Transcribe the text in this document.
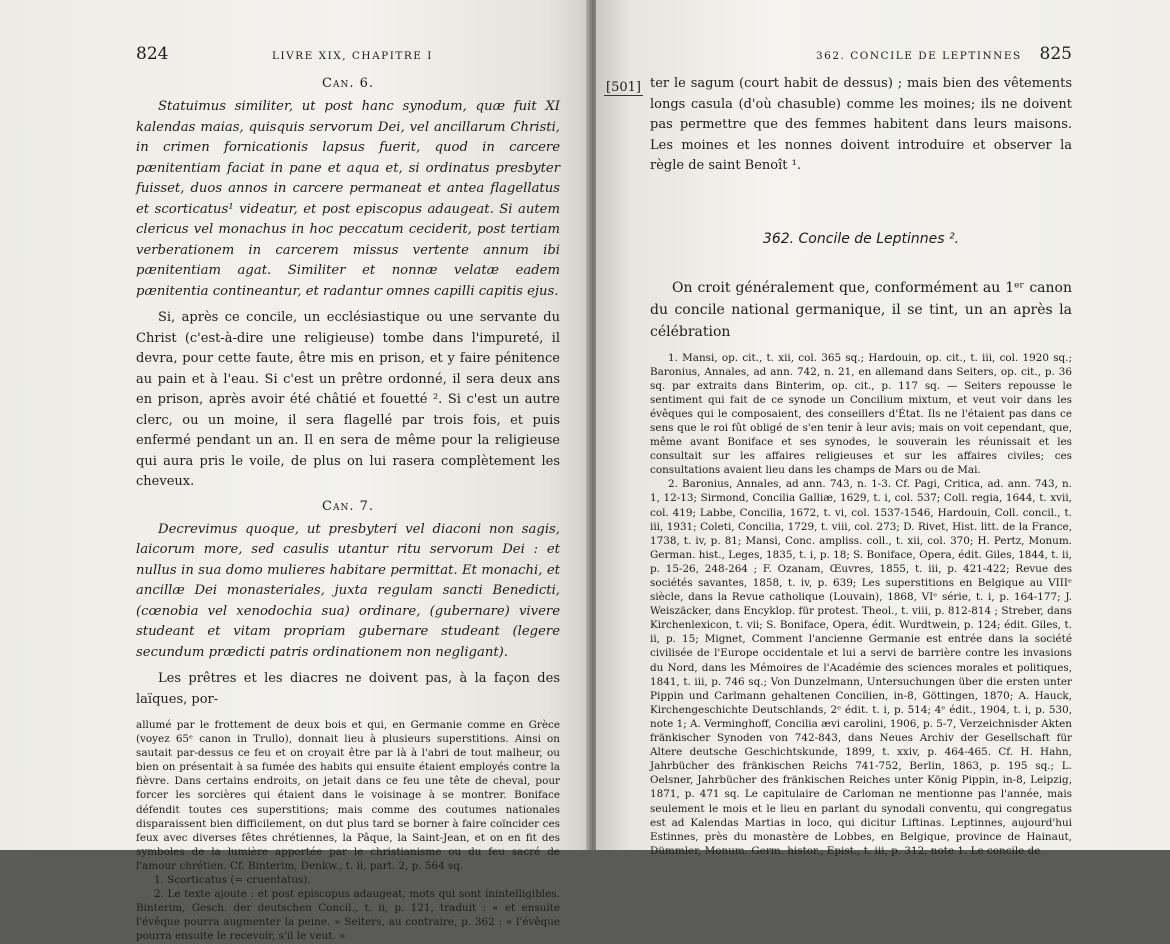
824	LIVRE XIX, CHAPITRE I
Can. 6.

Statuimus similiter, ut post hanc synodum, quæ fuit XI kalendas maias, quisquis servorum Dei, vel ancillarum Christi, in crimen fornicationis lapsus fuerit, quod in carcere pænitentiam faciat in pane et aqua et, si ordinatus presbyter fuisset, duos annos in carcere permaneat et antea flagellatus et scorticatus¹ videatur, et post episcopus adaugeat. Si autem clericus vel monachus in hoc peccatum ceciderit, post tertiam verberationem in carcerem missus vertente annum ibi pænitentiam agat. Similiter et nonnæ velatæ eadem pænitentia contineantur, et radantur omnes capilli capitis ejus.

Si, après ce concile, un ecclésiastique ou une servante du Christ (c'est-à-dire une religieuse) tombe dans l'impureté, il devra, pour cette faute, être mis en prison, et y faire pénitence au pain et à l'eau. Si c'est un prêtre ordonné, il sera deux ans en prison, après avoir été châtié et fouetté ². Si c'est un autre clerc, ou un moine, il sera flagellé par trois fois, et puis enfermé pendant un an. Il en sera de même pour la religieuse qui aura pris le voile, de plus on lui rasera complètement les cheveux.

Can. 7.

Decrevimus quoque, ut presbyteri vel diaconi non sagis, laicorum more, sed casulis utantur ritu servorum Dei : et nullus in sua domo mulieres habitare permittat. Et monachi, et ancillæ Dei monasteriales, juxta regulam sancti Benedicti, (cœnobia vel xenodochia sua) ordinare, (gubernare) vivere studeant et vitam propriam gubernare studeant (legere secundum prædicti patris ordinationem non negligant).

Les prêtres et les diacres ne doivent pas, à la façon des laïques, por-

allumé par le frottement de deux bois et qui, en Germanie comme en Grèce (voyez 65ᵉ canon in Trullo), donnait lieu à plusieurs superstitions. Ainsi on sautait par-dessus ce feu et on croyait être par là à l'abri de tout malheur, ou bien on présentait à sa fumée des habits qui ensuite étaient employés contre la fièvre. Dans certains endroits, on jetait dans ce feu une tête de cheval, pour forcer les sorcières qui étaient dans le voisinage à se montrer. Boniface défendit toutes ces superstitions; mais comme des coutumes nationales disparaissent bien difficilement, on dut plus tard se borner à faire coïncider ces feux avec diverses fêtes chrétiennes, la Pâque, la Saint-Jean, et on en fit des symboles de la lumière apportée par le christianisme ou du feu sacré de l'amour chrétien. Cf. Binterim, Denkw., t. ii, part. 2, p. 564 sq.

1. Scorticatus (= cruentatus).

2. Le texte ajoute : et post episcopus adaugeat, mots qui sont inintelligibles. Binterim, Gesch. der deutschen Concil., t. ii, p. 121, traduit : « et ensuite l'évêque pourra augmenter la peine. » Seiters, au contraire, p. 362 : « l'évêque pourra ensuite le recevoir, s'il le veut. »

[501]
362. CONCILE DE LEPTINNES 825

ter le sagum (court habit de dessus) ; mais bien des vêtements longs casula (d'où chasuble) comme les moines; ils ne doivent pas permettre que des femmes habitent dans leurs maisons. Les moines et les nonnes doivent introduire et observer la règle de saint Benoît ¹.

362. Concile de Leptinnes ².

On croit généralement que, conformément au 1ᵉʳ canon du concile national germanique, il se tint, un an après la célébration

1. Mansi, op. cit., t. xii, col. 365 sq.; Hardouin, op. cit., t. iii, col. 1920 sq.; Baronius, Annales, ad ann. 742, n. 21, en allemand dans Seiters, op. cit., p. 36 sq. par extraits dans Binterim, op. cit., p. 117 sq. — Seiters repousse le sentiment qui fait de ce synode un Concilium mixtum, et veut voir dans les évêques qui le composaient, des conseillers d'État. Ils ne l'étaient pas dans ce sens que le roi fût obligé de s'en tenir à leur avis; mais on voit cependant, que, même avant Boniface et ses synodes, le souverain les réunissait et les consultait sur les affaires religieuses et sur les affaires civiles; ces consultations avaient lieu dans les champs de Mars ou de Mai.

2. Baronius, Annales, ad ann. 743, n. 1-3. Cf. Pagi, Critica, ad. ann. 743, n. 1, 12-13; Sirmond, Concilia Galliæ, 1629, t. i, col. 537; Coll. regia, 1644, t. xvii, col. 419; Labbe, Concilia, 1672, t. vi, col. 1537-1546, Hardouin, Coll. concil., t. iii, 1931; Coleti, Concilia, 1729, t. viii, col. 273; D. Rivet, Hist. litt. de la France, 1738, t. iv, p. 81; Mansi, Conc. ampliss. coll., t. xii, col. 370; H. Pertz, Monum. German. hist., Leges, 1835, t. i, p. 18; S. Boniface, Opera, édit. Giles, 1844, t. ii, p. 15-26, 248-264 ; F. Ozanam, Œuvres, 1855, t. iii, p. 421-422; Revue des sociétés savantes, 1858, t. iv, p. 639; Les superstitions en Belgique au VIIIᵉ siècle, dans la Revue catholique (Louvain), 1868, VIᵉ série, t. i, p. 164-177; J. Weiszäcker, dans Encyklop. für protest. Theol., t. viii, p. 812-814 ; Streber, dans Kirchenlexicon, t. vii; S. Boniface, Opera, édit. Wurdtwein, p. 124; édit. Giles, t. ii, p. 15; Mignet, Comment l'ancienne Germanie est entrée dans la société civilisée de l'Europe occidentale et lui a servi de barrière contre les invasions du Nord, dans les Mémoires de l'Académie des sciences morales et politiques, 1841, t. iii, p. 746 sq.; Von Dunzelmann, Untersuchungen über die ersten unter Pippin und Carlmann gehaltenen Concilien, in-8, Göttingen, 1870; A. Hauck, Kirchengeschichte Deutschlands, 2ᵉ édit. t. i, p. 514; 4ᵉ édit., 1904, t. i, p. 530, note 1; A. Verminghoff, Concilia ævi carolini, 1906, p. 5-7, Verzeichnisder Akten fränkischer Synoden von 742-843, dans Neues Archiv der Gesellschaft für Altere deutsche Geschichtskunde, 1899, t. xxiv, p. 464-465. Cf. H. Hahn, Jahrbücher des fränkischen Reichs 741-752, Berlin, 1863, p. 195 sq.; L. Oelsner, Jahrbücher des fränkischen Reiches unter König Pippin, in-8, Leipzig, 1871, p. 471 sq. Le capitulaire de Carloman ne mentionne pas l'année, mais seulement le mois et le lieu en parlant du synodali conventu, qui congregatus est ad Kalendas Martias in loco, qui dicitur Liftinas. Leptinnes, aujourd'hui Estinnes, près du monastère de Lobbes, en Belgique, province de Hainaut, Dümmler, Monum. Germ. histor., Epist., t. iii, p. 312, note 1. Le concile de
